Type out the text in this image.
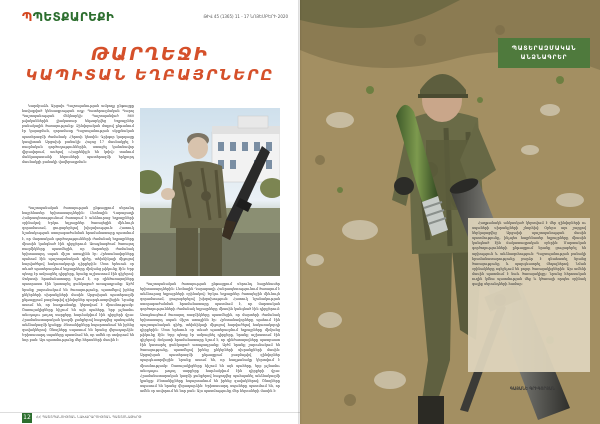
ՊՊԵՏՔԱՐԵՔԻ	ԹԻՎ 45 (1365) 11 - 17 ՆՈՅԵՄԲԵՐԻ 2020
ԹԱՐՂԵՋԻ
ԿԱՊԻՏԱՆ ԵՂԲԱՅՐՆԵՐԸ

Կարմրաձև Արցախ Պաշտպանության ամբողջ ընթացքը հավաքված կենսագրության ողջ։ Պատերազմական Պարոյ Պաշտպանության մեկնարկի։ Պաշտպանված 860 թվականներին լիակատար ենթարկվեց Եղբայրներ բանակային ծառայությունը։ Զինվորական մտքով ընթանում էր կայացման, զորամասը Պաշտպանության սկզբնական պատերազմի ժամանակ։ Հերոսի կեսսին։ Գրիգոր կարդացը կապիտան Արցախի բանակի։ Հայոց 17 մասնակցել է ռազմական գործողություններին, ստացել կանոնավոր վիրավորում, ասելով «Հայրենիքն են կռիվ» տանում մանկապատանի հերոսների պատերազմի երկրորդ մասնակցի բանակի վավերագրման։

Պաշտպանական ծառայության ընթացքում սերունդ հայրենասեր երիտասարդներին։ Լեռնային Ղարաբաղի Հանրապետությունում ծառայում է անձնուրաց եղբայրների օրինակով։ Երկու եղբայրներ ծառայեցին միևնույն զորամասում, ցուցաբերելով խիզախություն։ Հատուկ նշանակության ստորաբաժանման հրամանատարը պատմում է, որ մարտական գործողությունների ժամանակ եղբայրները միասին կանգնած էին դիրքերում։ Առաջնագծում ծառայող ռազմիկները պատմեցին, որ մարտերի ժամանակ երիտասարդ սպան միշտ առաջինն էր։ Հրետանավորները պահում էին պաշտպանական գիծը, տեխնիկայի միջոցով հարվածելով հակառակորդի դիրքերին։ Մոտ երեսուն օր տևած պատերազմում եղբայրները միմյանց թիկունք էին։ Երբ պետք էր ամրացնել դիրքերը, նրանք աշխատում էին գիշերով։ Ջոկատի հրամանատարը նշում է, որ զինծառայողները պատրաստ էին կատարել ցանկացած առաջադրանք։ Այժմ նրանք շարունակում են ծառայությունը, պատմելով իրենց ընկերների սխրանքների մասին։ Արցախյան պատերազմի ընթացքում բազմաթիվ զինվորներ պարգևատրվեցին։ Նրանք ասում են, որ հաղթանակը կերտվում է միասնությամբ։ Ծառայակիցները հիշում են այն պահերը, երբ թշնամու անօդաչու թռչող սարքերը հարձակվում էին դիրքերի վրա։ Հրամանատարական կազմի ջանքերով հաջողվեց պահպանել անձնակազմի կյանքը։ Ընտանիքները հպարտանում են իրենց զավակներով։ Ծնողները սպասում են նրանց վերադարձին։ Երիտասարդ սպաները պատմում են, որ ամեն օր սովորում են նոր բան։ Այս պատմությունը մեր հերոսների մասին է։

Պաշտպանական ծառայության ընթացքում սերունդ հայրենասեր երիտասարդներին։ Լեռնային Ղարաբաղի Հանրապետությունում ծառայում է անձնուրաց եղբայրների օրինակով։ Երկու եղբայրներ ծառայեցին միևնույն զորամասում, ցուցաբերելով խիզախություն։ Հատուկ նշանակության ստորաբաժանման հրամանատարը պատմում է, որ մարտական գործողությունների ժամանակ եղբայրները միասին կանգնած էին դիրքերում։ Առաջնագծում ծառայող ռազմիկները պատմեցին, որ մարտերի ժամանակ երիտասարդ սպան միշտ առաջինն էր։ Հրետանավորները պահում էին պաշտպանական գիծը, տեխնիկայի միջոցով հարվածելով հակառակորդի դիրքերին։ Մոտ երեսուն օր տևած պատերազմում եղբայրները միմյանց թիկունք էին։ Երբ պետք էր ամրացնել դիրքերը, նրանք աշխատում էին գիշերով։ Ջոկատի հրամանատարը նշում է, որ զինծառայողները պատրաստ էին կատարել ցանկացած առաջադրանք։ Այժմ նրանք շարունակում են ծառայությունը, պատմելով իրենց ընկերների սխրանքների մասին։ Արցախյան պատերազմի ընթացքում բազմաթիվ զինվորներ պարգևատրվեցին։ Նրանք ասում են, որ հաղթանակը կերտվում է միասնությամբ։ Ծառայակիցները հիշում են այն պահերը, երբ թշնամու անօդաչու թռչող սարքերը հարձակվում էին դիրքերի վրա։ Հրամանատարական կազմի ջանքերով հաջողվեց պահպանել անձնակազմի կյանքը։ Ընտանիքները հպարտանում են իրենց զավակներով։ Ծնողները սպասում են նրանց վերադարձին։ Երիտասարդ սպաները պատմում են, որ ամեն օր սովորում են նոր բան։ Այս պատմությունը մեր հերոսների մասին է։

12	ՀՀ ՊԱՇՏՊԱՆՈՒԹՅԱՆ ՆԱԽԱՐԱՐՈՒԹՅԱՆ ՊԱՇՏՈՆԱԹԵՐԹ
ՊԱՏԵՐԱԶՄԱԿԱՆ
ԱՆՁՆԱԳՐԵՐ

Հաղթանակն անկասկած կերտվում է մեր զինվորների ու սպաների սխրանքների շնորհիվ։ Օրերս այս շարքով ներկայացվեց Արցախի պաշտպանության մասին պատմությունը, ինչպես հայրենասեր եղբայրները միասին կանգնած էին ճակատագրական օրերին։ Մարտական գործողությունների ընթացքում նրանք ցուցաբերել են արիություն և անձնազոհություն։ Պաշտպանության բանակի հրամանատարությունը բարձր է գնահատել նրանց ծառայությունը և պարգևատրել մեդալներով։ Նման օրինակները ոգեշնչում են բոլոր ծառայակիցներին։ Այս ամենի մասին պատմում է նաև ծառայակիցը։ Նրանց հերոսական ուղին կմնա պատմության մեջ և կծառայի որպես օրինակ գալիք սերունդների համար։

ԳԱՅԱՆԵ ԳՐԻԳՈՐՅԱՆ
